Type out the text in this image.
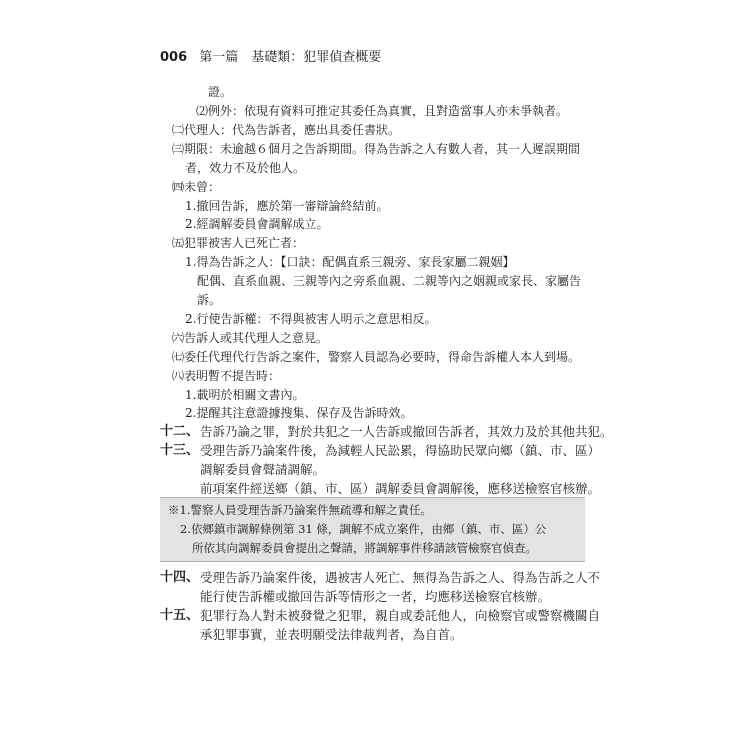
006 第一篇　基礎類：犯罪偵查概要
證。
⑵例外：依現有資料可推定其委任為真實，且對造當事人亦未爭執者。
㈡代理人：代為告訴者，應出具委任書狀。
㈢期限：未逾越６個月之告訴期間。得為告訴之人有數人者，其一人遲誤期間
者，效力不及於他人。
㈣未曾：
1.撤回告訴，應於第一審辯論終結前。
2.經調解委員會調解成立。
㈤犯罪被害人已死亡者：
1.得為告訴之人：【口訣：配偶直系三親旁、家長家屬二親姻】
配偶、直系血親、三親等內之旁系血親、二親等內之姻親或家長、家屬告
訴。
2.行使告訴權：不得與被害人明示之意思相反。
㈥告訴人或其代理人之意見。
㈦委任代理代行告訴之案件，警察人員認為必要時，得命告訴權人本人到場。
㈧表明暫不提告時：
1.載明於相關文書內。
2.提醒其注意證據搜集、保存及告訴時效。
十二、 告訴乃論之罪，對於共犯之一人告訴或撤回告訴者，其效力及於其他共犯。
十三、 受理告訴乃論案件後，為減輕人民訟累，得協助民眾向鄉（鎮、市、區）
調解委員會聲請調解。
前項案件經送鄉（鎮、市、區）調解委員會調解後，應移送檢察官核辦。
※1.警察人員受理告訴乃論案件無疏導和解之責任。
2.依鄉鎮市調解條例第 31 條，調解不成立案件，由鄉（鎮、市、區）公
所依其向調解委員會提出之聲請，將調解事件移請該管檢察官偵查。
十四、 受理告訴乃論案件後，遇被害人死亡、無得為告訴之人、得為告訴之人不
能行使告訴權或撤回告訴等情形之一者，均應移送檢察官核辦。
十五、 犯罪行為人對未被發覺之犯罪，親自或委託他人，向檢察官或警察機關自
承犯罪事實，並表明願受法律裁判者，為自首。
